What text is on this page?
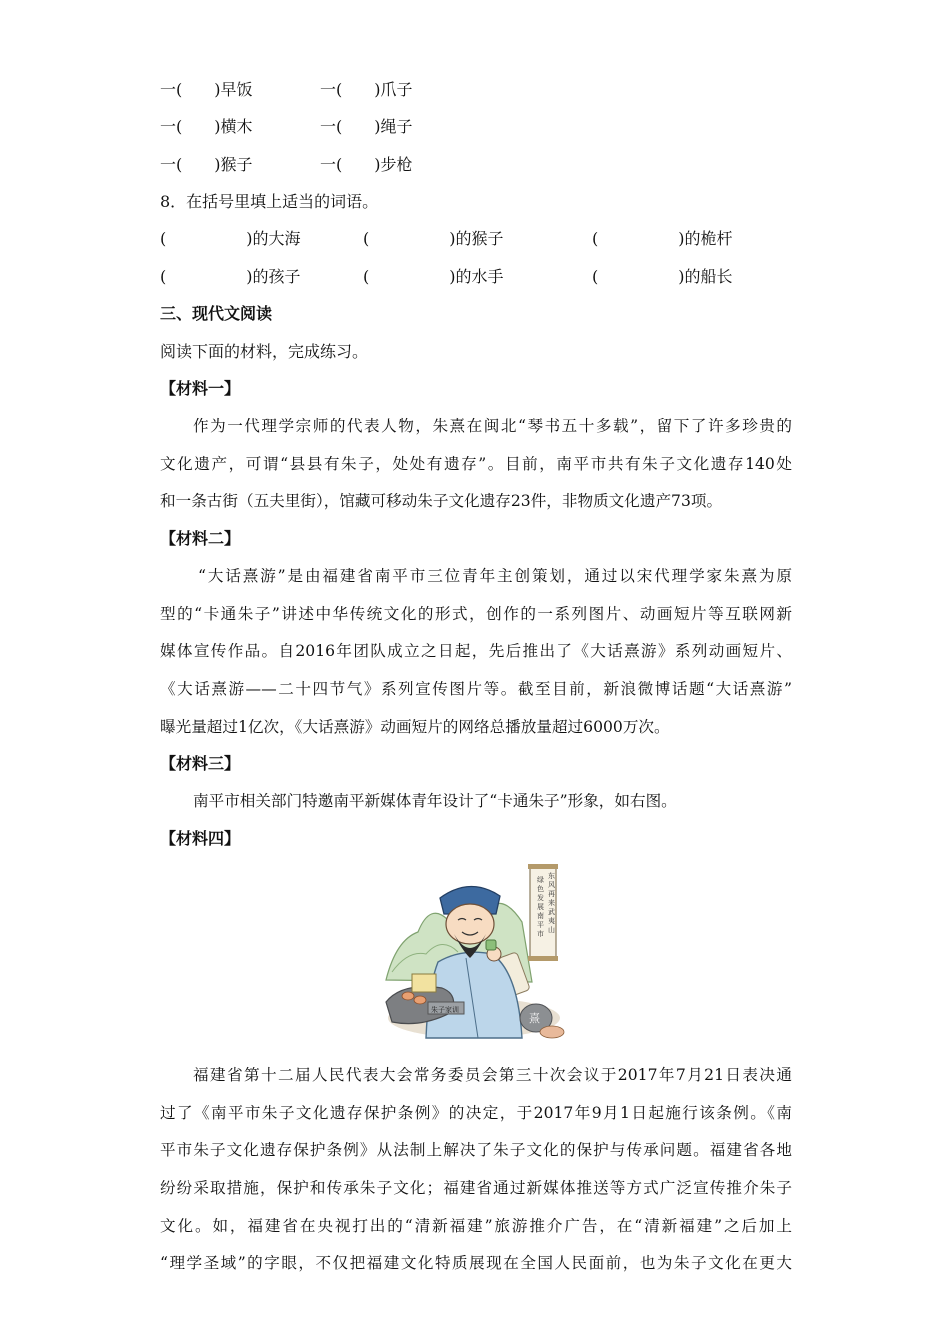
一(　　)早饭	一(　　)爪子
一(　　)横木	一(　　)绳子
一(　　)猴子	一(　　)步枪
8．在括号里填上适当的词语。
(　　　　　)的大海	(　　　　　)的猴子	(　　　　　)的桅杆
(　　　　　)的孩子	(　　　　　)的水手	(　　　　　)的船长
三、现代文阅读
阅读下面的材料，完成练习。
【材料一】
作为一代理学宗师的代表人物，朱熹在闽北“琴书五十多载”，留下了许多珍贵的
文化遗产，可谓“县县有朱子，处处有遗存”。目前，南平市共有朱子文化遗存140处
和一条古街（五夫里街），馆藏可移动朱子文化遗存23件，非物质文化遗产73项。
【材料二】
“大话熹游”是由福建省南平市三位青年主创策划，通过以宋代理学家朱熹为原
型的“卡通朱子”讲述中华传统文化的形式，创作的一系列图片、动画短片等互联网新
媒体宣传作品。自2016年团队成立之日起，先后推出了《大话熹游》系列动画短片、
《大话熹游——二十四节气》系列宣传图片等。截至目前，新浪微博话题“大话熹游”
曝光量超过1亿次，《大话熹游》动画短片的网络总播放量超过6000万次。
【材料三】
南平市相关部门特邀南平新媒体青年设计了“卡通朱子”形象，如右图。
【材料四】
东风再来武夷山
绿色发展南平市
朱子家训
熹
福建省第十二届人民代表大会常务委员会第三十次会议于2017年7月21日表决通
过了《南平市朱子文化遗存保护条例》的决定，于2017年9月1日起施行该条例。《南
平市朱子文化遗存保护条例》从法制上解决了朱子文化的保护与传承问题。福建省各地
纷纷采取措施，保护和传承朱子文化；福建省通过新媒体推送等方式广泛宣传推介朱子
文化。如，福建省在央视打出的“清新福建”旅游推介广告，在“清新福建”之后加上
“理学圣域”的字眼，不仅把福建文化特质展现在全国人民面前，也为朱子文化在更大
